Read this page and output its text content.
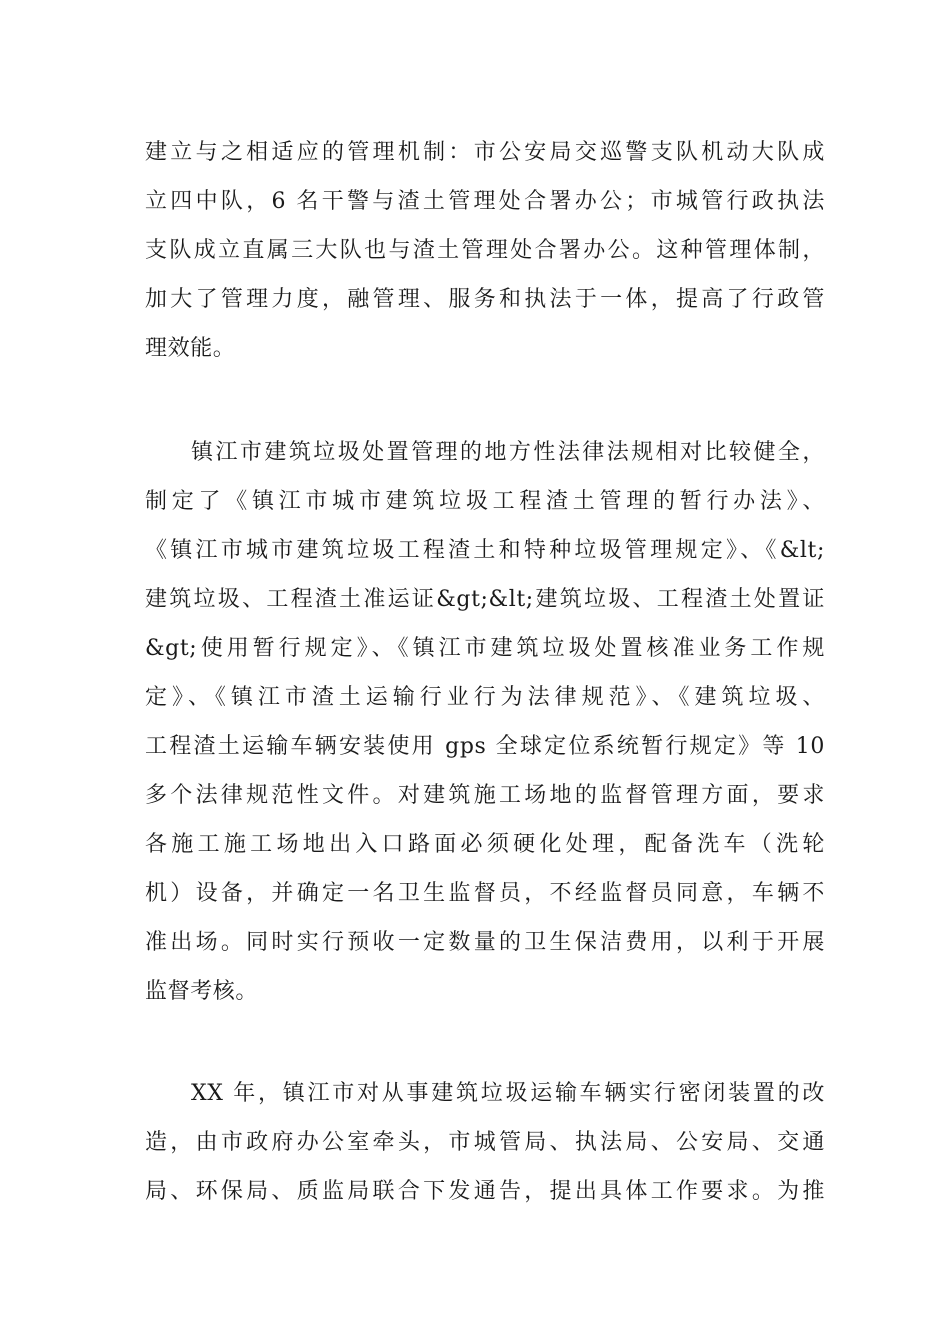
建立与之相适应的管理机制：市公安局交巡警支队机动大队成
立四中队，6 名干警与渣土管理处合署办公；市城管行政执法
支队成立直属三大队也与渣土管理处合署办公。这种管理体制，
加大了管理力度，融管理、服务和执法于一体，提高了行政管
理效能。
镇江市建筑垃圾处置管理的地方性法律法规相对比较健全，
制定了《镇江市城市建筑垃圾工程渣土管理的暂行办法》、
《镇江市城市建筑垃圾工程渣土和特种垃圾管理规定》、《&lt;
建筑垃圾、工程渣土准运证&gt;&lt;建筑垃圾、工程渣土处置证
&gt;使用暂行规定》、《镇江市建筑垃圾处置核准业务工作规
定》、《镇江市渣土运输行业行为法律规范》、《建筑垃圾、
工程渣土运输车辆安装使用 gps 全球定位系统暂行规定》等 10
多个法律规范性文件。对建筑施工场地的监督管理方面，要求
各施工施工场地出入口路面必须硬化处理，配备洗车（洗轮
机）设备，并确定一名卫生监督员，不经监督员同意，车辆不
准出场。同时实行预收一定数量的卫生保洁费用，以利于开展
监督考核。
XX 年，镇江市对从事建筑垃圾运输车辆实行密闭装置的改
造，由市政府办公室牵头，市城管局、执法局、公安局、交通
局、环保局、质监局联合下发通告，提出具体工作要求。为推
